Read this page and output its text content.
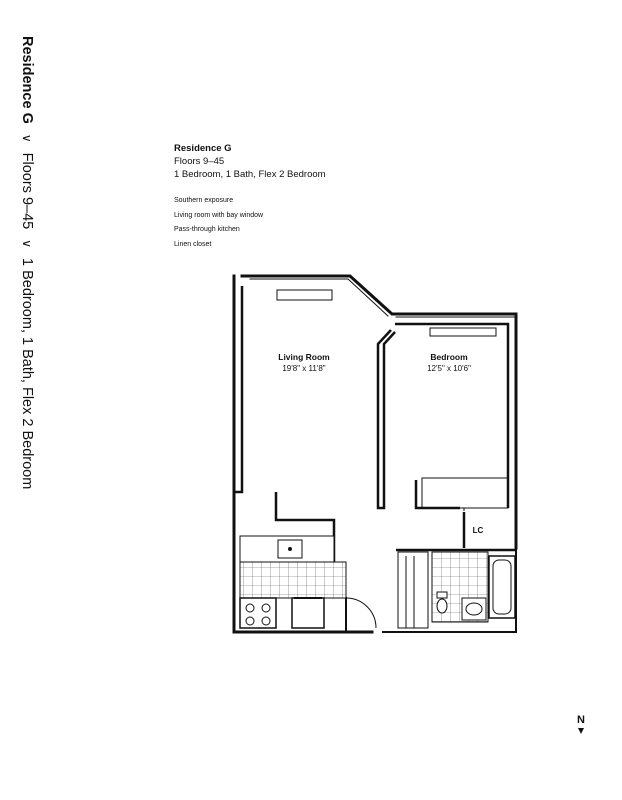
Residence G∨Floors 9–45∨1 Bedroom, 1 Bath, Flex 2 Bedroom
Residence G
Floors 9–45
1 Bedroom, 1 Bath, Flex 2 Bedroom
Southern exposure
Living room with bay window
Pass-through kitchen
Linen closet
Living Room
19'8" x 11'8"
Bedroom
12'5" x 10'6"
LC
N
